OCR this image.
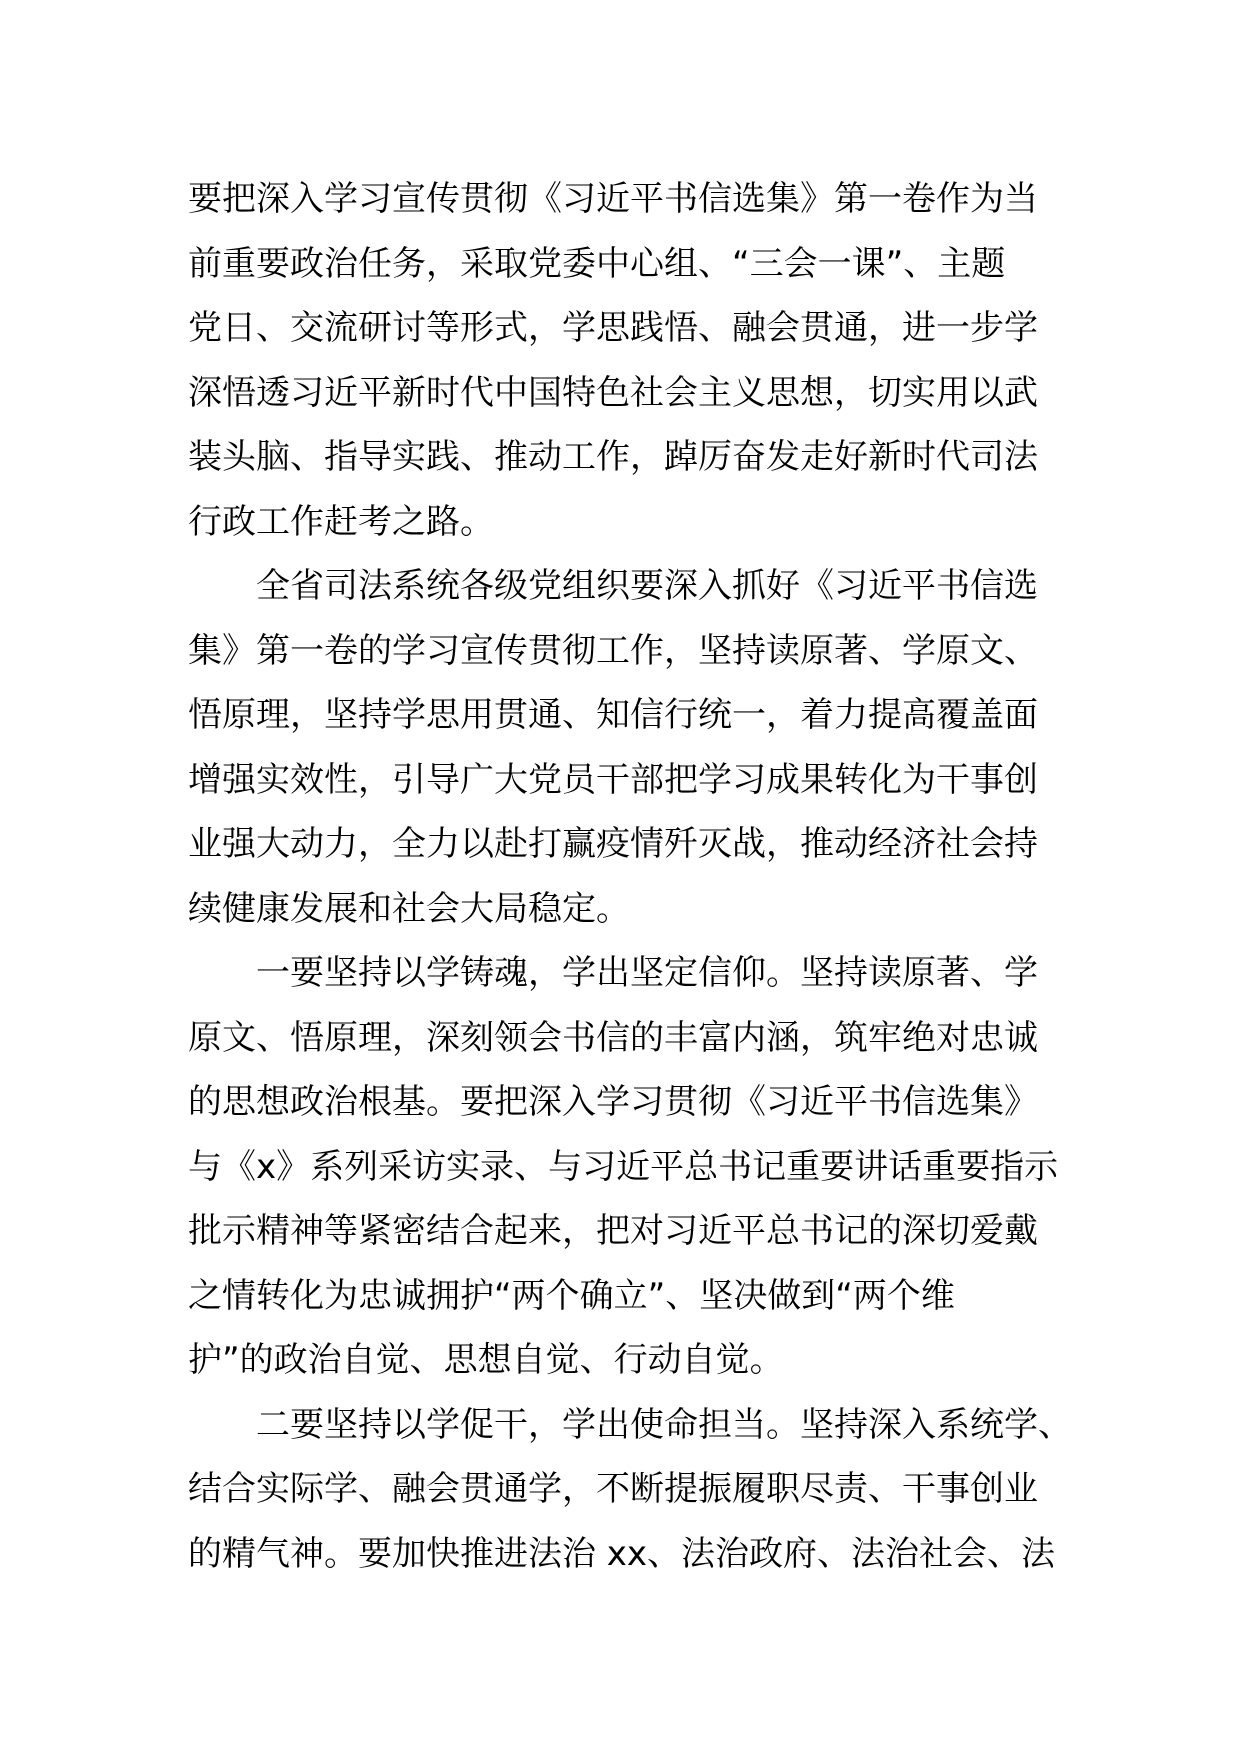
要把深入学习宣传贯彻《习近平书信选集》第一卷作为当
前重要政治任务，采取党委中心组、“三会一课”、主题
党日、交流研讨等形式，学思践悟、融会贯通，进一步学
深悟透习近平新时代中国特色社会主义思想，切实用以武
装头脑、指导实践、推动工作，踔厉奋发走好新时代司法
行政工作赶考之路。
全省司法系统各级党组织要深入抓好《习近平书信选
集》第一卷的学习宣传贯彻工作，坚持读原著、学原文、
悟原理，坚持学思用贯通、知信行统一，着力提高覆盖面
增强实效性，引导广大党员干部把学习成果转化为干事创
业强大动力，全力以赴打赢疫情歼灭战，推动经济社会持
续健康发展和社会大局稳定。
一要坚持以学铸魂，学出坚定信仰。坚持读原著、学
原文、悟原理，深刻领会书信的丰富内涵，筑牢绝对忠诚
的思想政治根基。要把深入学习贯彻《习近平书信选集》
与《x》系列采访实录、与习近平总书记重要讲话重要指示
批示精神等紧密结合起来，把对习近平总书记的深切爱戴
之情转化为忠诚拥护“两个确立”、坚决做到“两个维
护”的政治自觉、思想自觉、行动自觉。
二要坚持以学促干，学出使命担当。坚持深入系统学、
结合实际学、融会贯通学，不断提振履职尽责、干事创业
的精气神。要加快推进法治 xx、法治政府、法治社会、法
